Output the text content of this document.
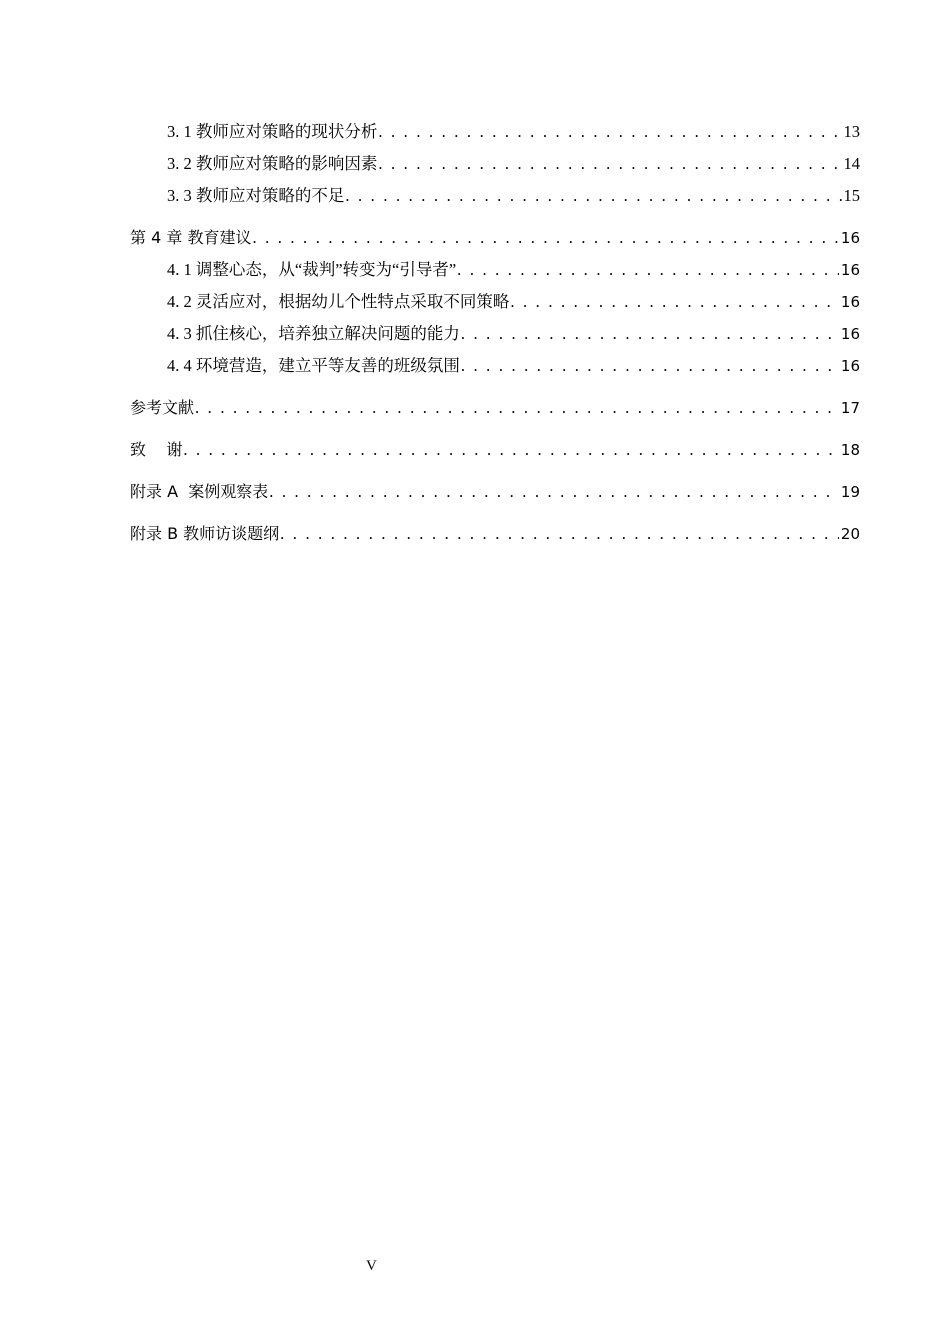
3. 1 教师应对策略的现状分析 . . .	13
3. 2 教师应对策略的影响因素 . . .	14
3. 3 教师应对策略的不足 . . .	15
第 4 章 教育建议 . . .	16
4. 1 调整心态，从“裁判”转变为“引导者” . . .	16
4. 2 灵活应对，根据幼儿个性特点采取不同策略 . . .	16
4. 3 抓住核心，培养独立解决问题的能力 . . .	16
4. 4 环境营造，建立平等友善的班级氛围 . . .	16
参考文献 . . .	17
致    谢 . . .	18
附录 A  案例观察表 . . .	19
附录 B 教师访谈题纲 . . .	20
V
